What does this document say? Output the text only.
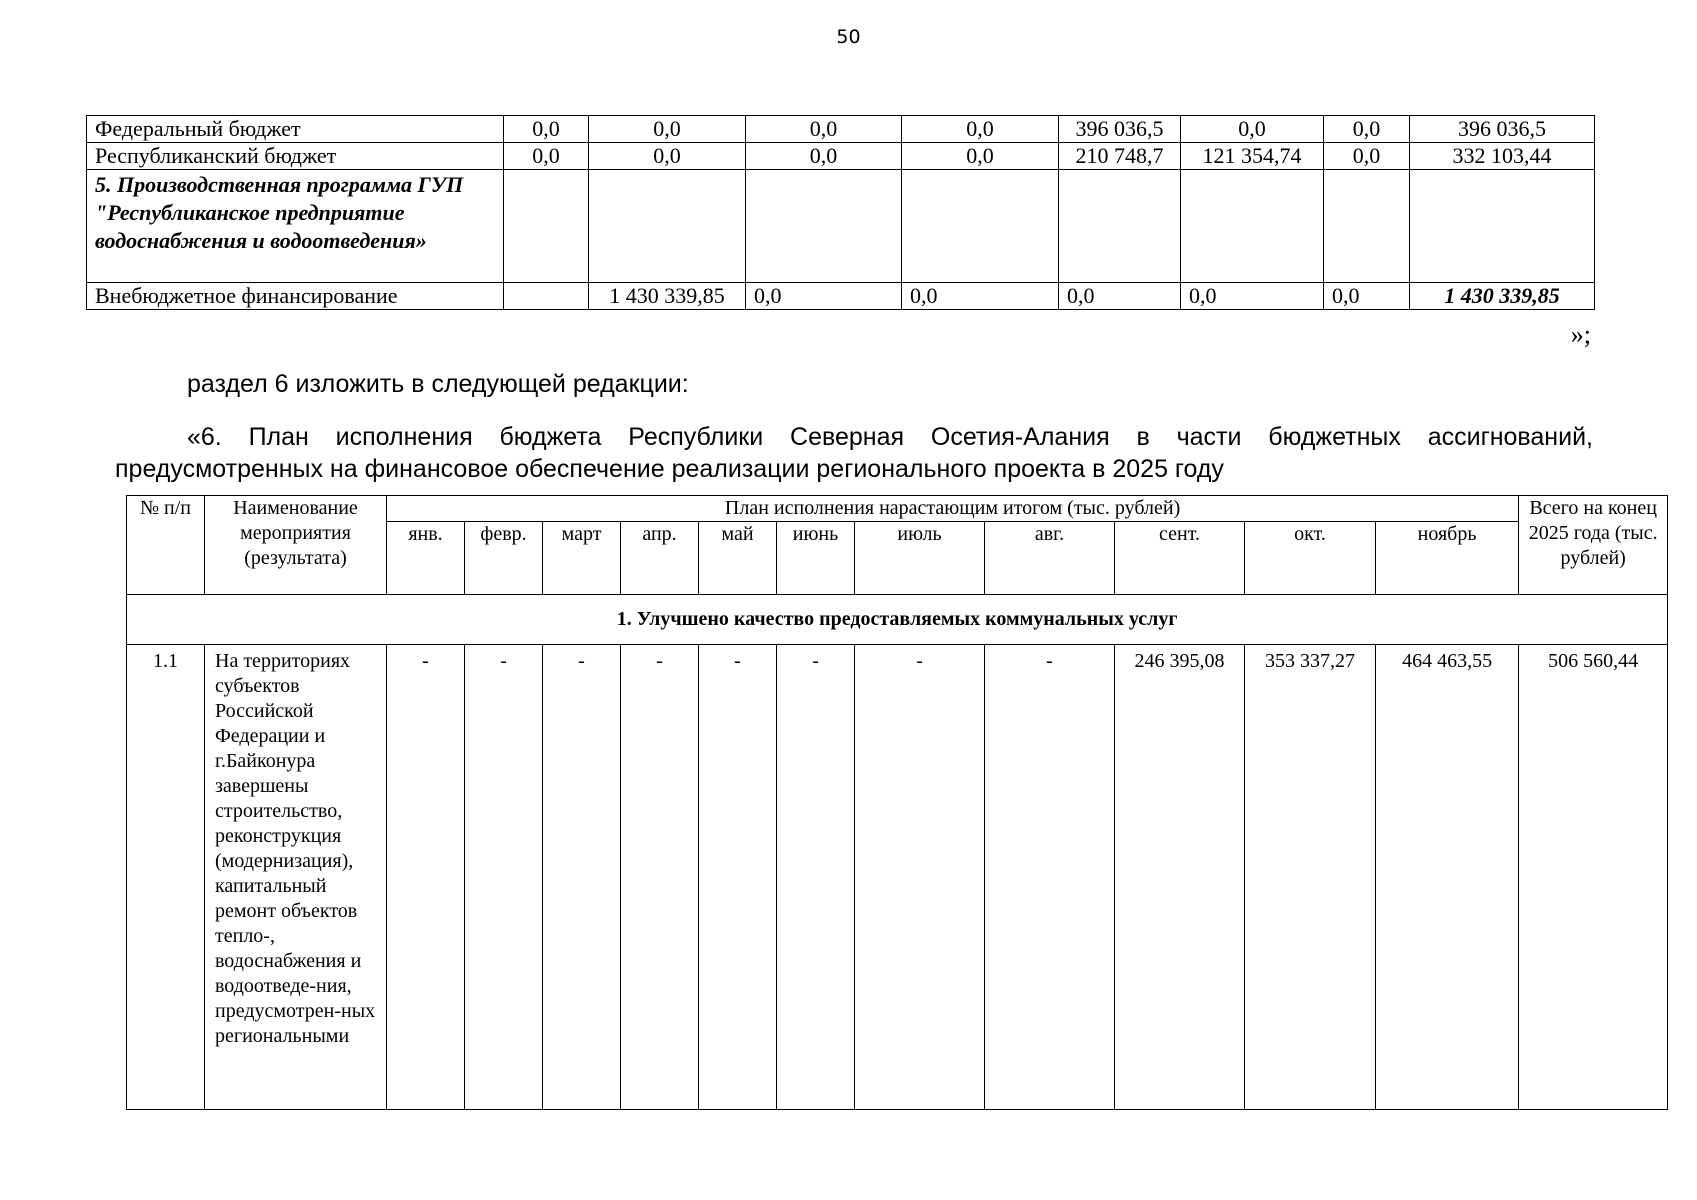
50
Федеральный бюджет	0,0	0,0	0,0	0,0	396 036,5	0,0	0,0	396 036,5
Республиканский бюджет	0,0	0,0	0,0	0,0	210 748,7	121 354,74	0,0	332 103,44
5. Производственная программа ГУП "Республиканское предприятие водоснабжения и водоотведения»								
Внебюджетное финансирование		1 430 339,85	0,0	0,0	0,0	0,0	0,0	1 430 339,85
»;
раздел 6 изложить в следующей редакции:
«6. План исполнения бюджета Республики Северная Осетия-Алания в части бюджетных ассигнований, предусмотренных на финансовое обеспечение реализации регионального проекта в 2025 году
№ п/п	Наименование мероприятия (результата)	План исполнения нарастающим итогом (тыс. рублей)											Всего на конец 2025 года (тыс. рублей)
		янв.	февр.	март	апр.	май	июнь	июль	авг.	сент.	окт.	ноябрь	
1. Улучшено качество предоставляемых коммунальных услуг													
1.1	На территориях субъектов Российской Федерации и г.Байконура завершены строительство, реконструкция (модернизация), капитальный ремонт объектов тепло-, водоснабжения и водоотведе-ния, предусмотрен-ных региональными	-	-	-	-	-	-	-	-	246 395,08	353 337,27	464 463,55	506 560,44
